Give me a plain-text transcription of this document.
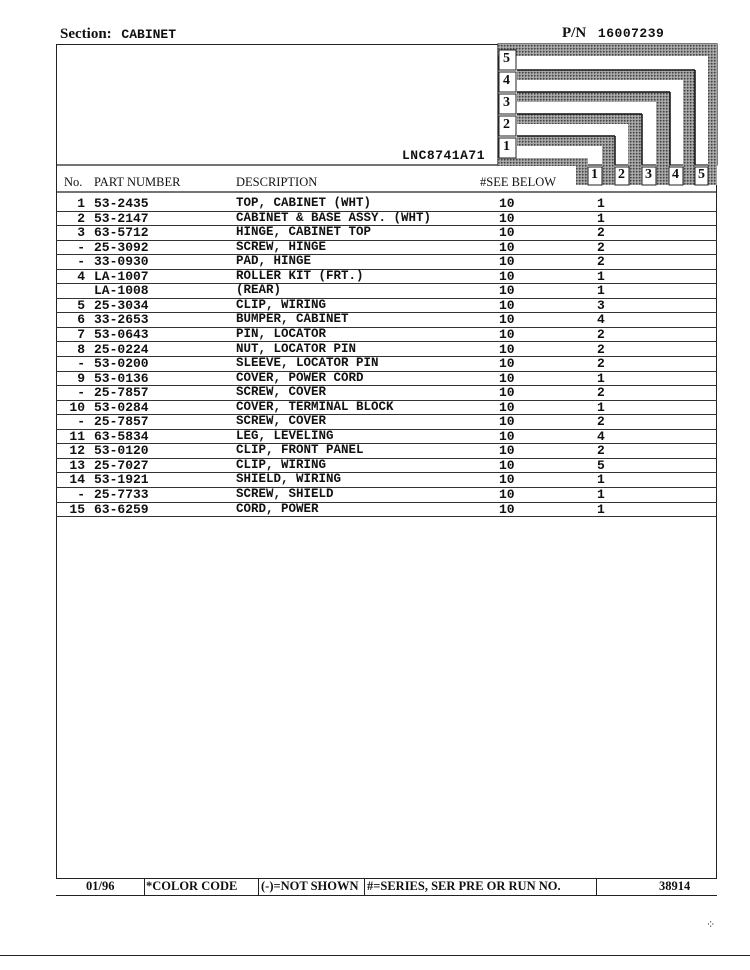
Section: CABINET	P/N 16007239
5
4
3
2
1
1 2 3 4 5
LNC8741A71
No. PART NUMBER	DESCRIPTION	#SEE BELOW
1 53-2435	TOP, CABINET (WHT)	10	1
2 53-2147	CABINET & BASE ASSY. (WHT)	10	1
3 63-5712	HINGE, CABINET TOP	10	2
- 25-3092	SCREW, HINGE	10	2
- 33-0930	PAD, HINGE	10	2
4 LA-1007	ROLLER KIT (FRT.)	10	1
LA-1008	(REAR)	10	1
5 25-3034	CLIP, WIRING	10	3
6 33-2653	BUMPER, CABINET	10	4
7 53-0643	PIN, LOCATOR	10	2
8 25-0224	NUT, LOCATOR PIN	10	2
- 53-0200	SLEEVE, LOCATOR PIN	10	2
9 53-0136	COVER, POWER CORD	10	1
- 25-7857	SCREW, COVER	10	2
10 53-0284	COVER, TERMINAL BLOCK	10	1
- 25-7857	SCREW, COVER	10	2
11 63-5834	LEG, LEVELING	10	4
12 53-0120	CLIP, FRONT PANEL	10	2
13 25-7027	CLIP, WIRING	10	5
14 53-1921	SHIELD, WIRING	10	1
- 25-7733	SCREW, SHIELD	10	1
15 63-6259	CORD, POWER	10	1
01/96	*COLOR CODE (-)=NOT SHOWN #=SERIES, SER PRE OR RUN NO.	38914
⁘
